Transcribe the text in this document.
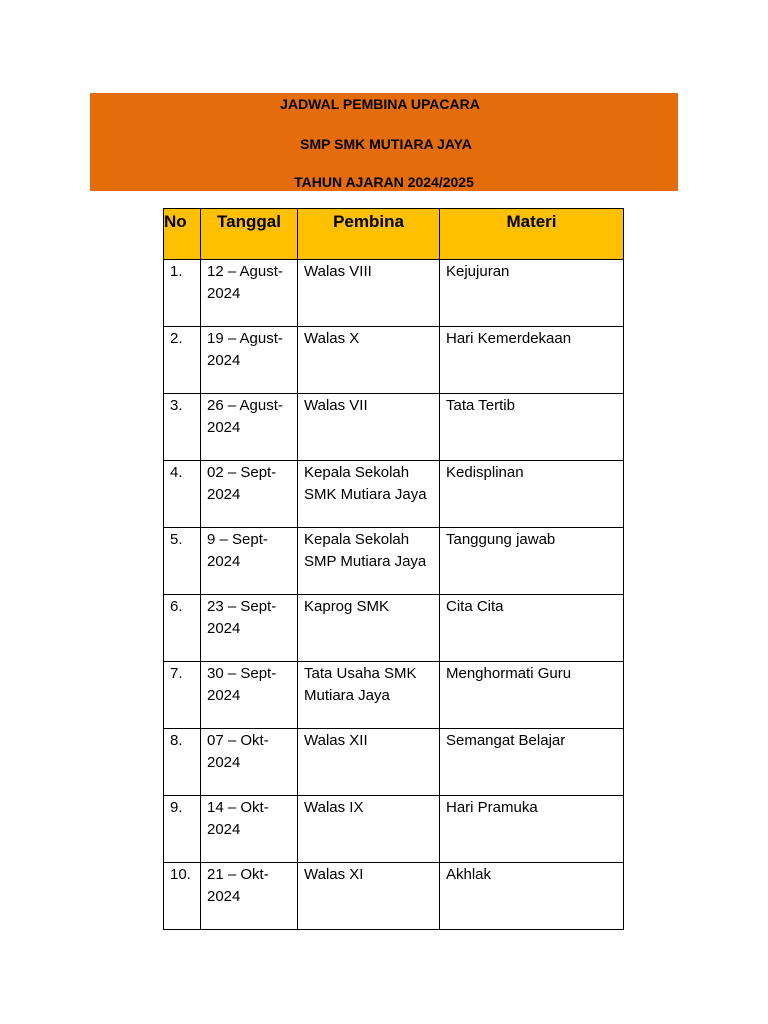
JADWAL PEMBINA UPACARA
SMP SMK MUTIARA JAYA
TAHUN AJARAN 2024/2025
No	Tanggal	Pembina	Materi
1.	12 – Agust-2024	Walas VIII	Kejujuran
2.	19 – Agust-2024	Walas X	Hari Kemerdekaan
3.	26 – Agust-2024	Walas VII	Tata Tertib
4.	02 – Sept-2024	Kepala Sekolah SMK Mutiara Jaya	Kedisplinan
5.	9 – Sept-2024	Kepala Sekolah SMP Mutiara Jaya	Tanggung jawab
6.	23 – Sept-2024	Kaprog SMK	Cita Cita
7.	30 – Sept-2024	Tata Usaha SMK Mutiara Jaya	Menghormati Guru
8.	07 – Okt-2024	Walas XII	Semangat Belajar
9.	14 – Okt-2024	Walas IX	Hari Pramuka
10.	21 – Okt-2024	Walas XI	Akhlak
